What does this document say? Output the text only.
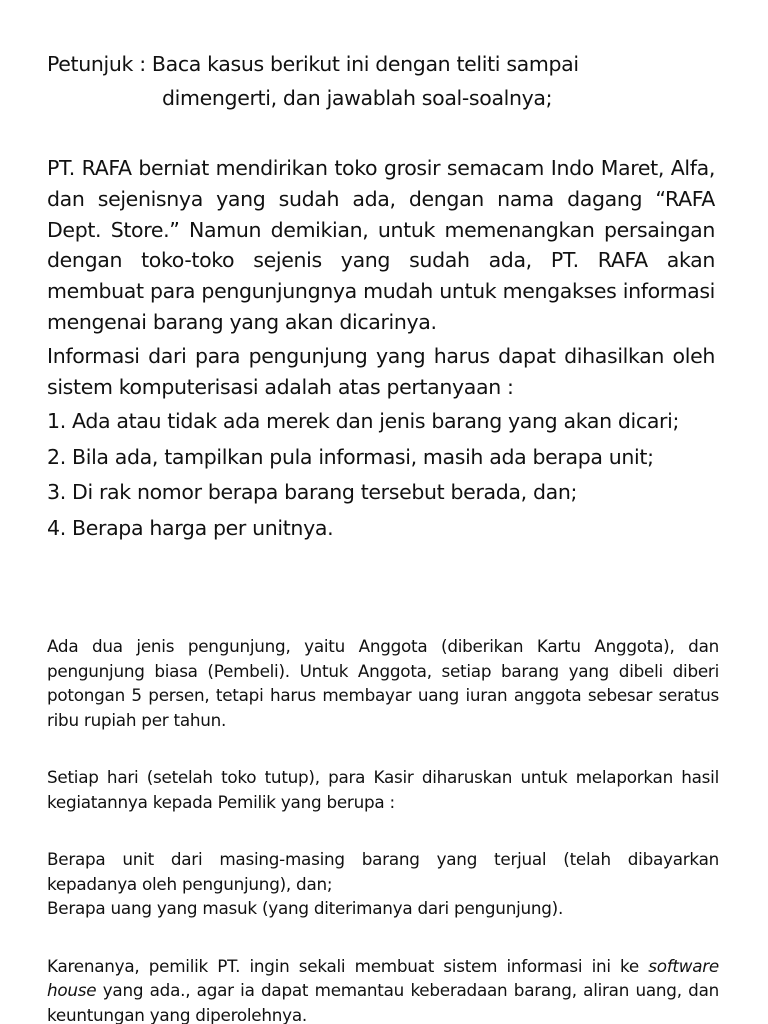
Petunjuk : Baca kasus berikut ini dengan teliti sampai
dimengerti, dan jawablah soal-soalnya;

PT. RAFA berniat mendirikan toko grosir semacam Indo Maret, Alfa, dan sejenisnya yang sudah ada, dengan nama dagang “RAFA Dept. Store.” Namun demikian, untuk memenangkan persaingan dengan toko-toko sejenis yang sudah ada, PT. RAFA akan membuat para pengunjungnya mudah untuk mengakses informasi mengenai barang yang akan dicarinya.

Informasi dari para pengunjung yang harus dapat dihasilkan oleh sistem komputerisasi adalah atas pertanyaan :

1. Ada atau tidak ada merek dan jenis barang yang akan dicari;
2. Bila ada, tampilkan pula informasi, masih ada berapa unit;
3. Di rak nomor berapa barang tersebut berada, dan;
4. Berapa harga per unitnya.

Ada dua jenis pengunjung, yaitu Anggota (diberikan Kartu Anggota), dan pengunjung biasa (Pembeli). Untuk Anggota, setiap barang yang dibeli diberi potongan 5 persen, tetapi harus membayar uang iuran anggota sebesar seratus ribu rupiah per tahun.

Setiap hari (setelah toko tutup), para Kasir diharuskan untuk melaporkan hasil kegiatannya kepada Pemilik yang berupa :

Berapa unit dari masing-masing barang yang terjual (telah dibayarkan kepadanya oleh pengunjung), dan;

Berapa uang yang masuk (yang diterimanya dari pengunjung).

Karenanya, pemilik PT. ingin sekali membuat sistem informasi ini ke software house yang ada., agar ia dapat memantau keberadaan barang, aliran uang, dan keuntungan yang diperolehnya.
